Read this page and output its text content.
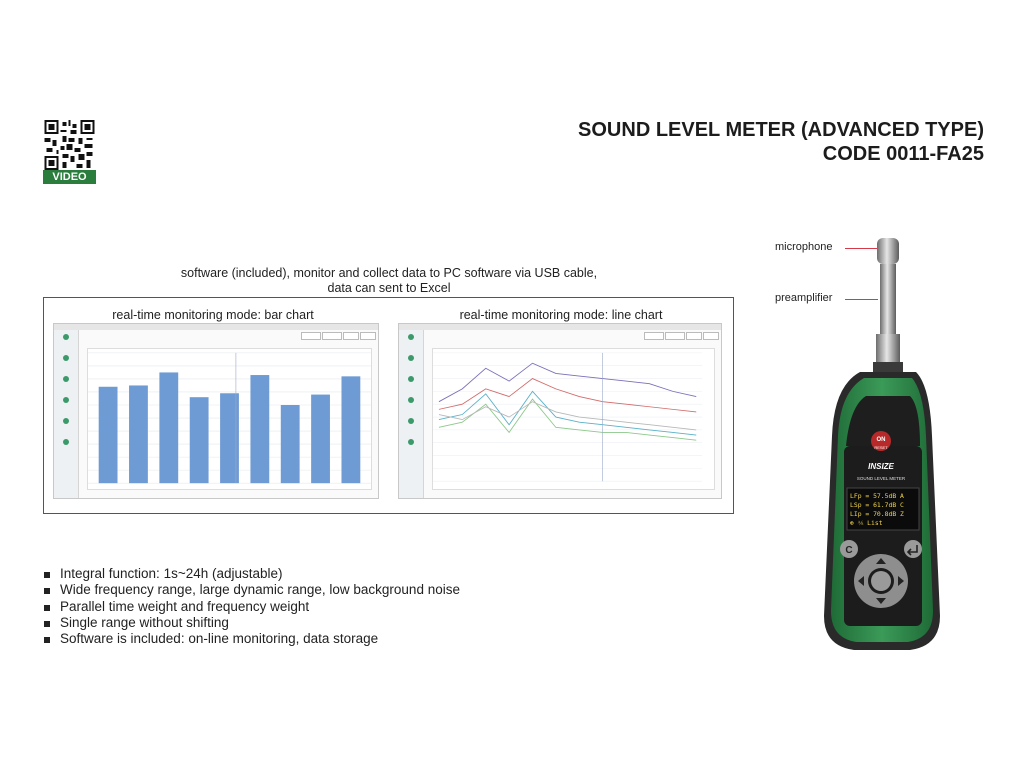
VIDEO
SOUND LEVEL METER (ADVANCED TYPE)
CODE 0011-FA25
software (included), monitor and collect data to PC software via USB cable,
data can sent to Excel
real-time monitoring mode: bar chart	real-time monitoring mode: line chart
Integral function: 1s~24h (adjustable)
Wide frequency range, large dynamic range, low background noise
Parallel time weight and frequency weight
Single range without shifting
Software is included: on-line monitoring, data storage
microphone
preamplifier
ON
RESET
INSIZE
SOUND LEVEL METER
LFp = 57.5dB A
LSp = 61.7dB C
LIp = 70.8dB Z
⊕ ⅍ List
C
